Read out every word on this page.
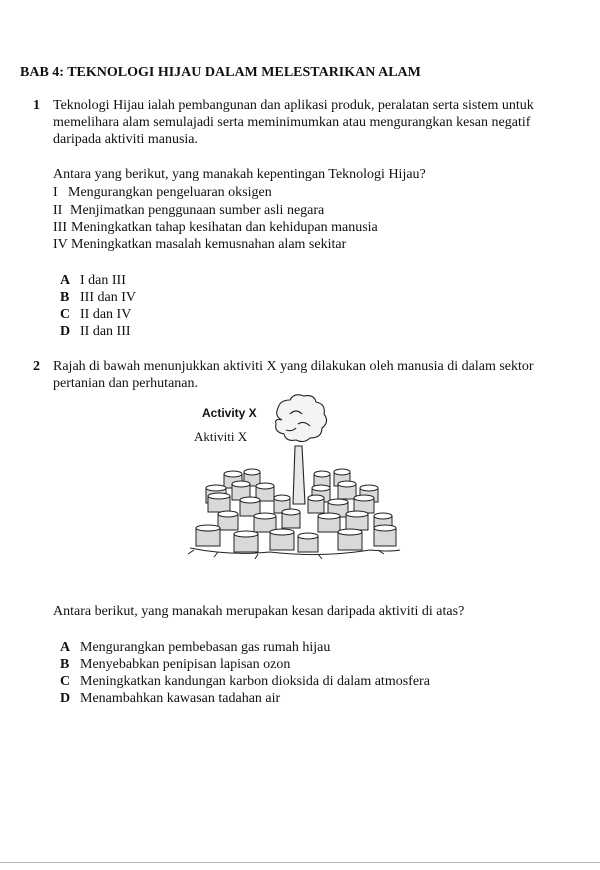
BAB 4: TEKNOLOGI HIJAU DALAM MELESTARIKAN ALAM
1 Teknologi Hijau ialah pembangunan dan aplikasi produk, peralatan serta sistem untuk
memelihara alam semulajadi serta meminimumkan atau mengurangkan kesan negatif
daripada aktiviti manusia.
Antara yang berikut, yang manakah kepentingan Teknologi Hijau?
I Mengurangkan pengeluaran oksigen
II Menjimatkan penggunaan sumber asli negara
III Meningkatkan tahap kesihatan dan kehidupan manusia
IV Meningkatkan masalah kemusnahan alam sekitar
A I dan III
B III dan IV
C II dan IV
D II dan III
2 Rajah di bawah menunjukkan aktiviti X yang dilakukan oleh manusia di dalam sektor
pertanian dan perhutanan.
Activity X
Aktiviti X
Antara berikut, yang manakah merupakan kesan daripada aktiviti di atas?
A Mengurangkan pembebasan gas rumah hijau
B Menyebabkan penipisan lapisan ozon
C Meningkatkan kandungan karbon dioksida di dalam atmosfera
D Menambahkan kawasan tadahan air
